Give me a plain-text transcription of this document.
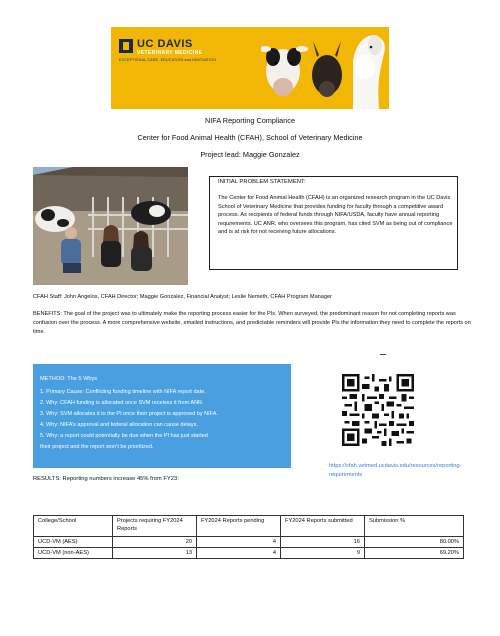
UC DAVIS
VETERINARY MEDICINE
EXCEPTIONAL CARE, EDUCATION and INNOVATION
NIFA Reporting Compliance
Center for Food Animal Health (CFAH), School of Veterinary Medicine
Project lead: Maggie Gonzalez
INITIAL PROBLEM STATEMENT:
The Center for Food Animal Health (CFAH) is an organized research program in the UC Davis School of Veterinary Medicine that provides funding for faculty through a competitive award process. As recipients of federal funds through NIFA/USDA, faculty have annual reporting requirements. UC ANR, who oversees this program, has cited SVM as being out of compliance and is at risk for not receiving future allocations.
CFAH Staff: John Angelos, CFAH Director; Maggie Gonzalez, Financial Analyst; Leslie Nemeth, CFAH Program Manager
BENEFITS: The goal of the project was to ultimately make the reporting process easier for the PIs. When surveyed, the predominant reason for not completing reports was confusion over the process. A more comprehensive website, emailed instructions, and predictable reminders will provide PIs the information they need to complete the reports on time.
METHOD: The 5 Whys
1. Primary Cause: Conflicting funding timeline with NIFA report date.
2. Why: CFAH funding is allocated once SVM receives it from ANR.
3. Why: SVM allocates it to the PI once their project is approved by NIFA.
4. Why: NIFA’s approval and federal allocation can cause delays.
5. Why: a report could potentially be due when the PI has just started
their project and the report won’t be prioritized.
https://cfah.vetmed.ucdavis.edu/resources/reporting-
requirements
RESULTS: Reporting numbers increase 45% from FY23:
College/School	Projects requiring FY2024 Reports	FY2024 Reports pending	FY2024 Reports submitted	Submission %
UCD-VM (AES)	20	4	16	80.00%
UCD-VM (non-AES)	13	4	9	69.20%
